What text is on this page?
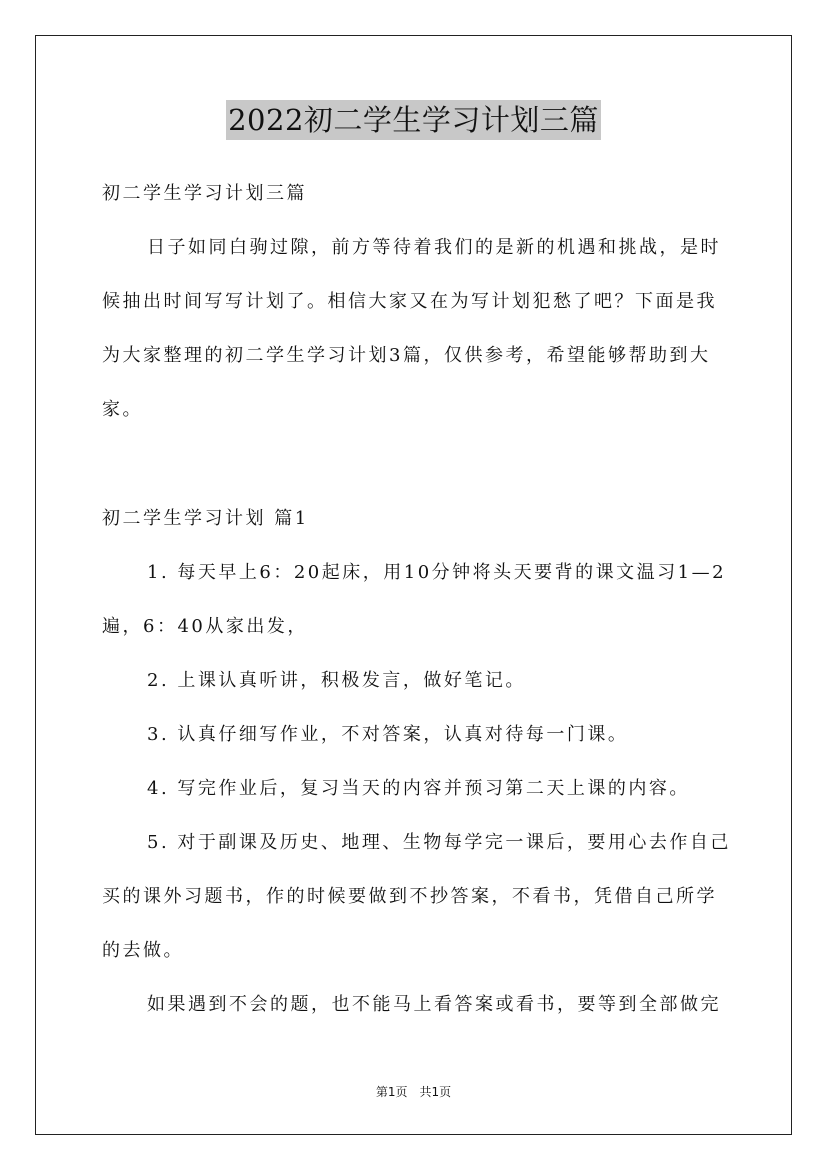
2022初二学生学习计划三篇
初二学生学习计划三篇
日子如同白驹过隙，前方等待着我们的是新的机遇和挑战，是时
候抽出时间写写计划了。相信大家又在为写计划犯愁了吧？下面是我
为大家整理的初二学生学习计划3篇，仅供参考，希望能够帮助到大
家。
初二学生学习计划 篇1
1. 每天早上6：20起床，用10分钟将头天要背的课文温习1—2
遍，6：40从家出发，
2. 上课认真听讲，积极发言，做好笔记。
3. 认真仔细写作业，不对答案，认真对待每一门课。
4. 写完作业后，复习当天的内容并预习第二天上课的内容。
5. 对于副课及历史、地理、生物每学完一课后，要用心去作自己
买的课外习题书，作的时候要做到不抄答案，不看书，凭借自己所学
的去做。
如果遇到不会的题，也不能马上看答案或看书，要等到全部做完
第1页　共1页
